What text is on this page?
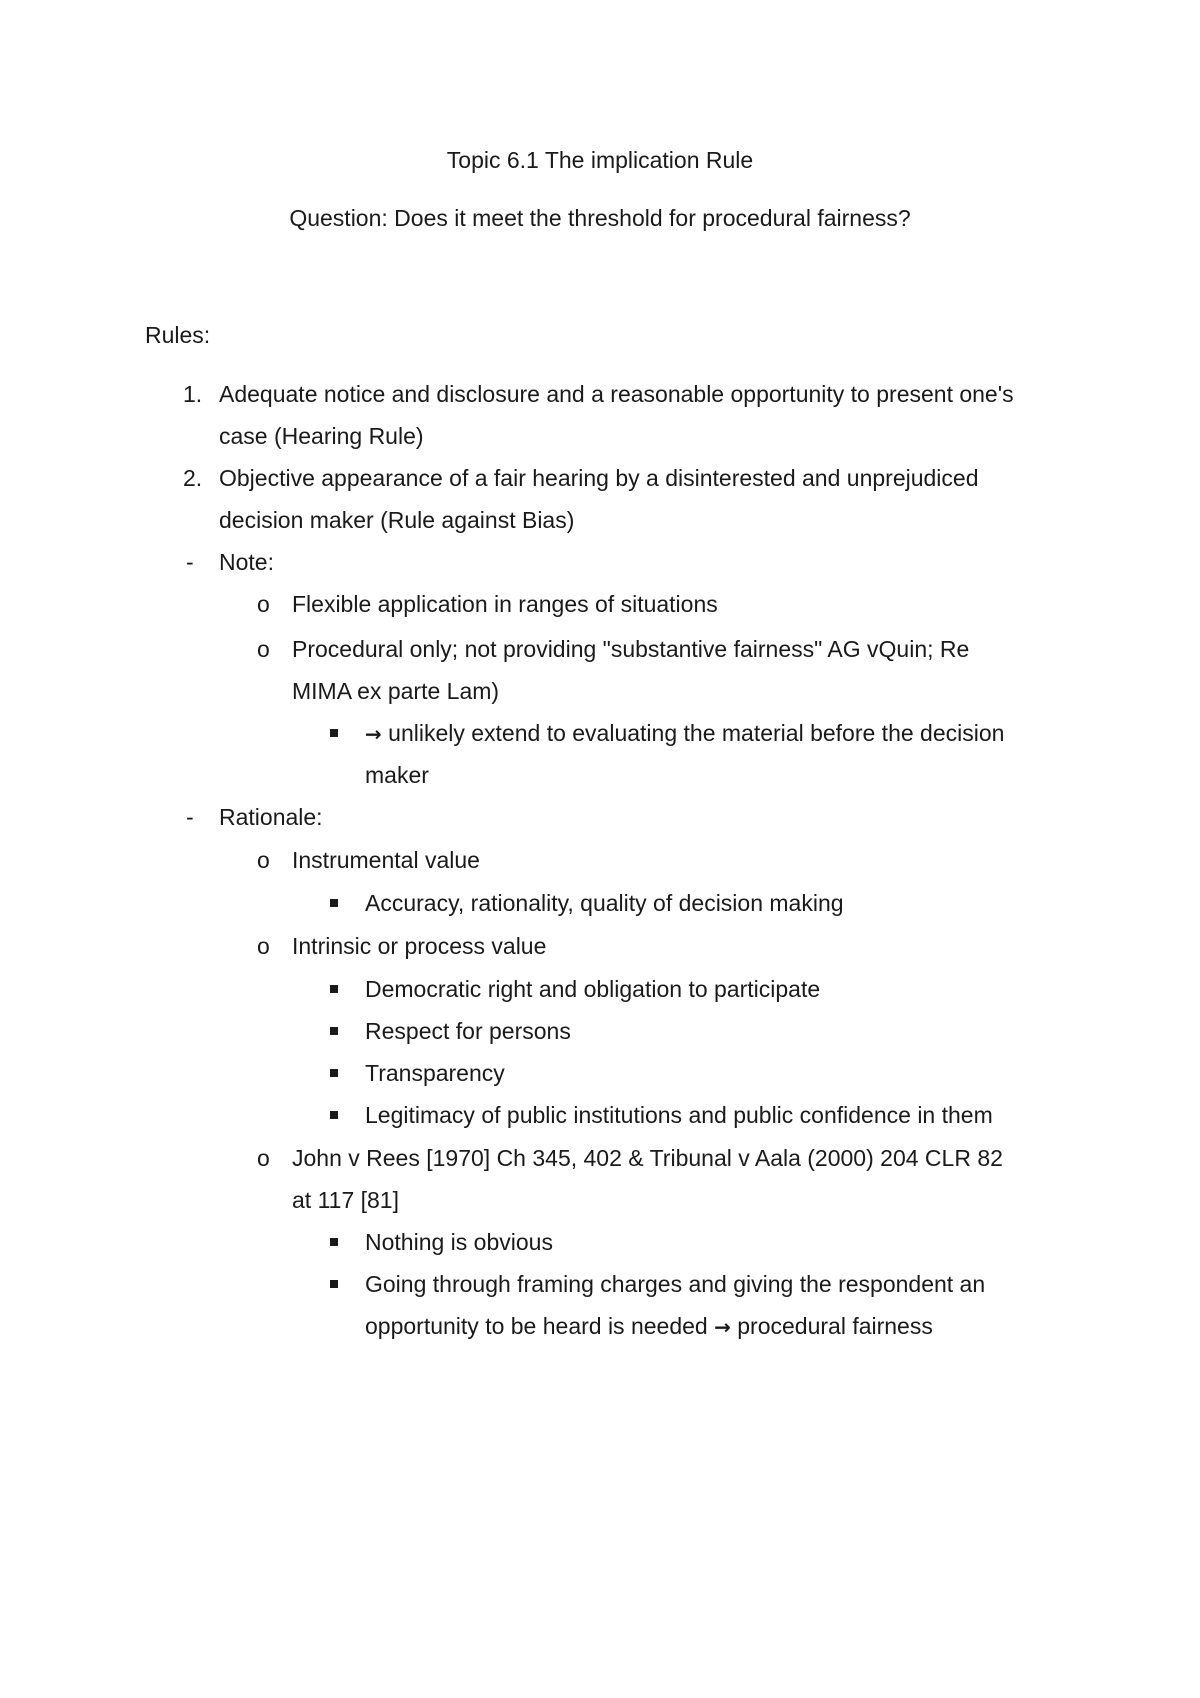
Topic 6.1 The implication Rule
Question: Does it meet the threshold for procedural fairness?
Rules:
1. Adequate notice and disclosure and a reasonable opportunity to present one's
case (Hearing Rule)
2. Objective appearance of a fair hearing by a disinterested and unprejudiced
decision maker (Rule against Bias)
- Note:
o Flexible application in ranges of situations
o Procedural only; not providing "substantive fairness" AG vQuin; Re
MIMA ex parte Lam)
→ unlikely extend to evaluating the material before the decision
maker
- Rationale:
o Instrumental value
Accuracy, rationality, quality of decision making
o Intrinsic or process value
Democratic right and obligation to participate
Respect for persons
Transparency
Legitimacy of public institutions and public confidence in them
o John v Rees [1970] Ch 345, 402 & Tribunal v Aala (2000) 204 CLR 82
at 117 [81]
Nothing is obvious
Going through framing charges and giving the respondent an
opportunity to be heard is needed → procedural fairness
